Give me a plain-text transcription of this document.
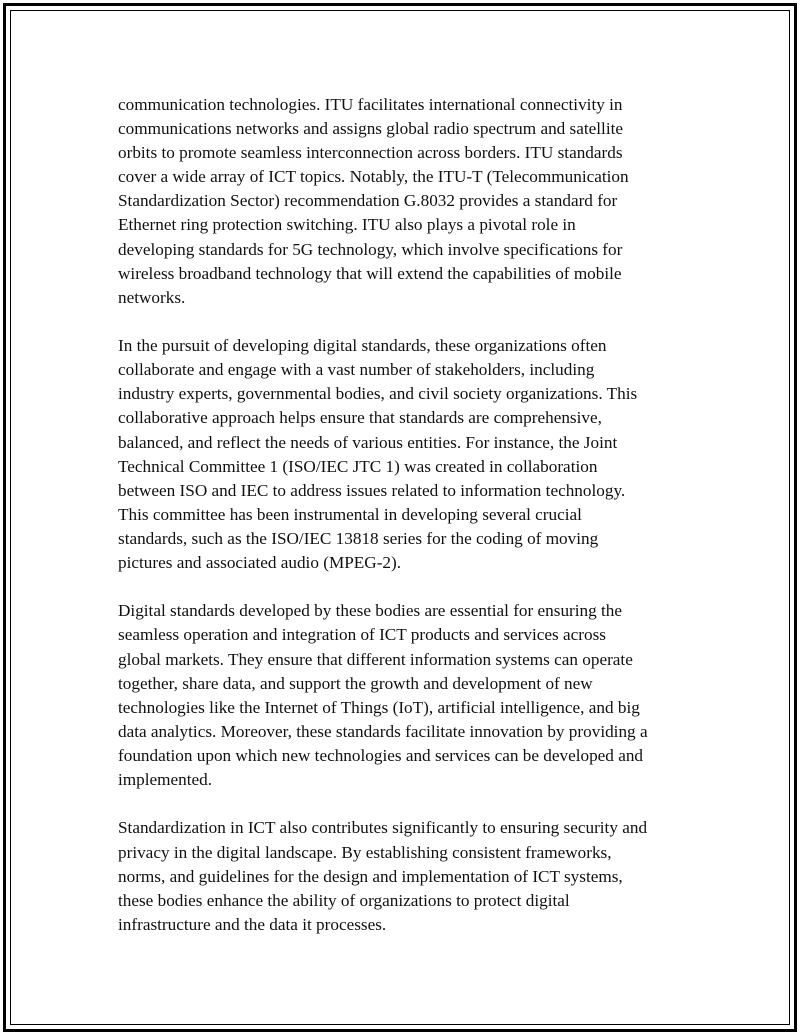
communication technologies. ITU facilitates international connectivity in
communications networks and assigns global radio spectrum and satellite
orbits to promote seamless interconnection across borders. ITU standards
cover a wide array of ICT topics. Notably, the ITU-T (Telecommunication
Standardization Sector) recommendation G.8032 provides a standard for
Ethernet ring protection switching. ITU also plays a pivotal role in
developing standards for 5G technology, which involve specifications for
wireless broadband technology that will extend the capabilities of mobile
networks.

In the pursuit of developing digital standards, these organizations often
collaborate and engage with a vast number of stakeholders, including
industry experts, governmental bodies, and civil society organizations. This
collaborative approach helps ensure that standards are comprehensive,
balanced, and reflect the needs of various entities. For instance, the Joint
Technical Committee 1 (ISO/IEC JTC 1) was created in collaboration
between ISO and IEC to address issues related to information technology.
This committee has been instrumental in developing several crucial
standards, such as the ISO/IEC 13818 series for the coding of moving
pictures and associated audio (MPEG-2).

Digital standards developed by these bodies are essential for ensuring the
seamless operation and integration of ICT products and services across
global markets. They ensure that different information systems can operate
together, share data, and support the growth and development of new
technologies like the Internet of Things (IoT), artificial intelligence, and big
data analytics. Moreover, these standards facilitate innovation by providing a
foundation upon which new technologies and services can be developed and
implemented.

Standardization in ICT also contributes significantly to ensuring security and
privacy in the digital landscape. By establishing consistent frameworks,
norms, and guidelines for the design and implementation of ICT systems,
these bodies enhance the ability of organizations to protect digital
infrastructure and the data it processes.
